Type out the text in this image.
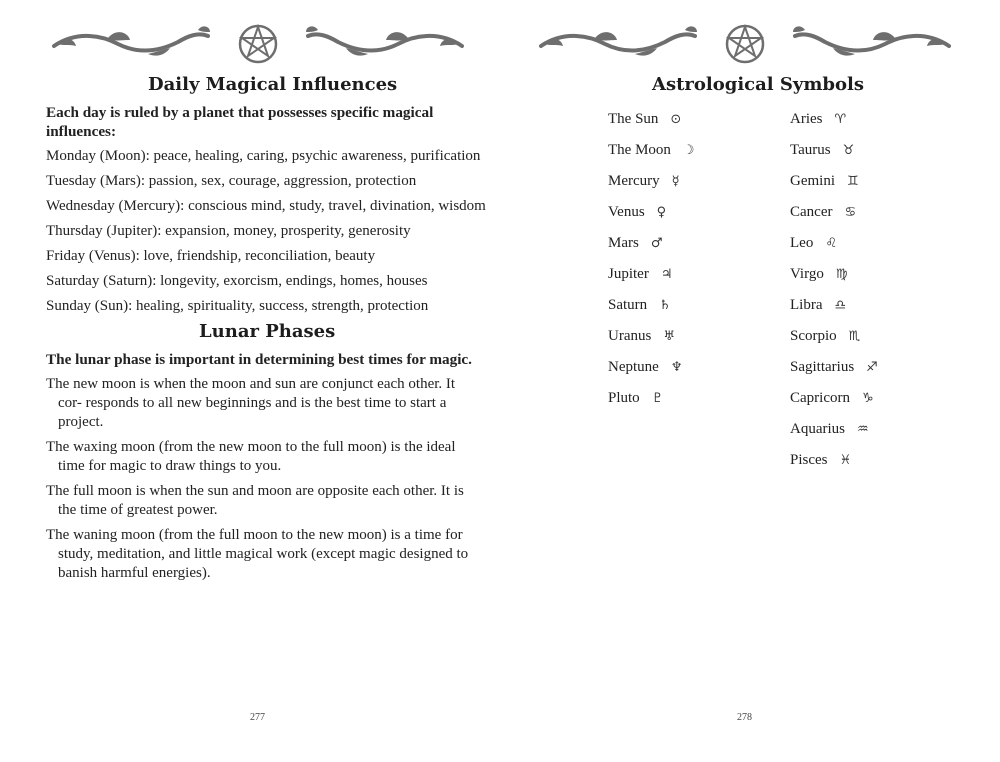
Daily Magical Influences

Each day is ruled by a planet that possesses specific magical influences:

Monday (Moon): peace, healing, caring, psychic awareness, purification

Tuesday (Mars): passion, sex, courage, aggression, protection

Wednesday (Mercury): conscious mind, study, travel, divination, wisdom

Thursday (Jupiter): expansion, money, prosperity, generosity

Friday (Venus): love, friendship, reconciliation, beauty

Saturday (Saturn): longevity, exorcism, endings, homes, houses

Sunday (Sun): healing, spirituality, success, strength, protection

Lunar Phases

The lunar phase is important in determining best times for magic.

The new moon is when the moon and sun are conjunct each other. It cor- responds to all new beginnings and is the best time to start a project.

The waxing moon (from the new moon to the full moon) is the ideal time for magic to draw things to you.

The full moon is when the sun and moon are opposite each other. It is the time of greatest power.

The waning moon (from the full moon to the new moon) is a time for study, meditation, and little magical work (except magic designed to banish harmful energies).

277
Astrological Symbols
The Sun ⊙
The Moon ☽
Mercury ☿
Venus ♀
Mars ♂
Jupiter ♃
Saturn ♄
Uranus ♅
Neptune ♆
Pluto ♇
Aries ♈
Taurus ♉
Gemini ♊
Cancer ♋
Leo ♌
Virgo ♍
Libra ♎
Scorpio ♏
Sagittarius ♐
Capricorn ♑
Aquarius ♒
Pisces ♓
278
